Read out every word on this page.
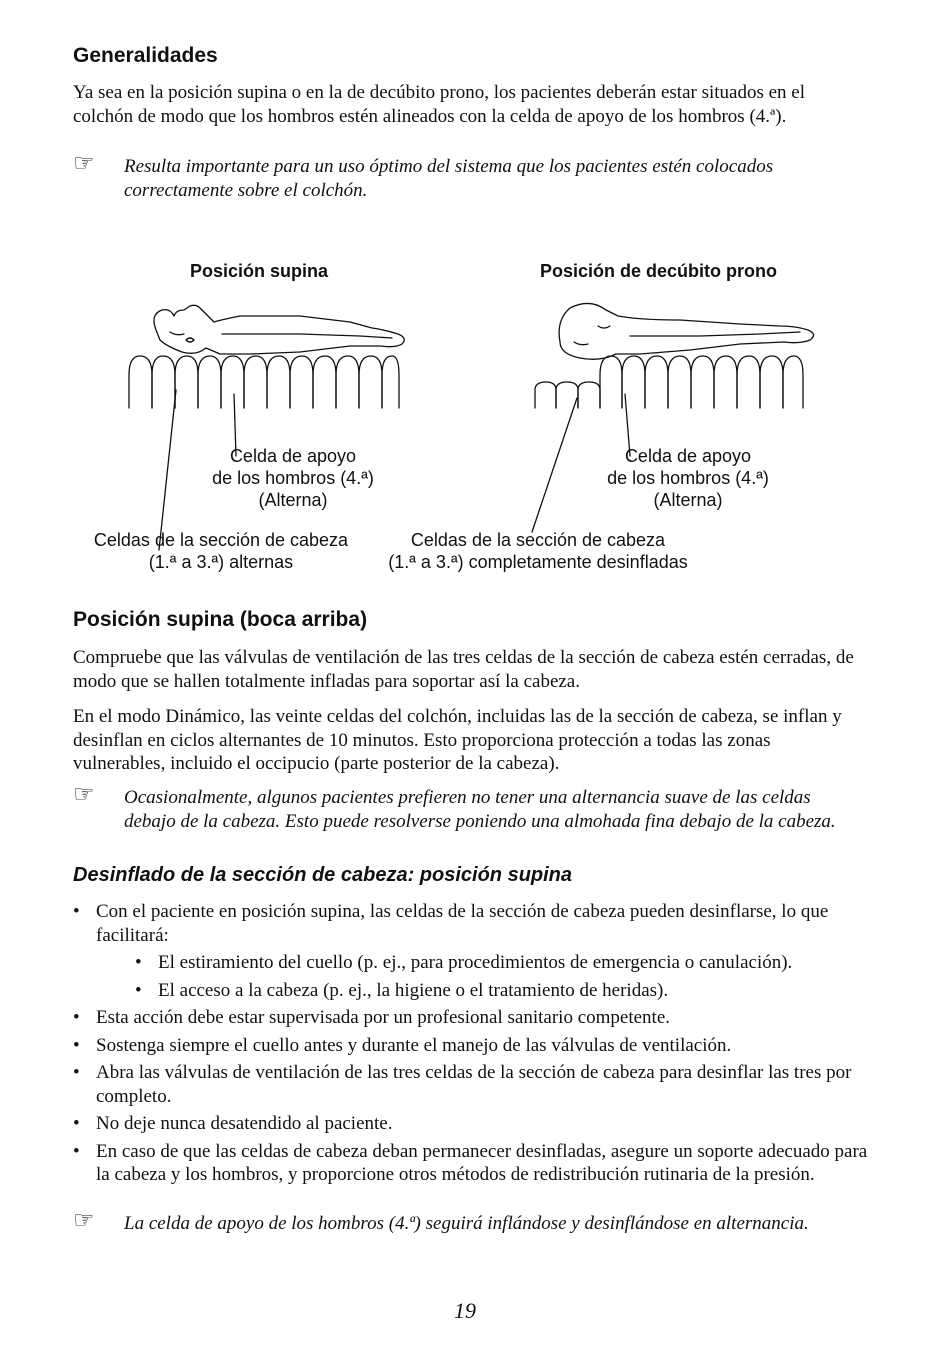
Generalidades

Ya sea en la posición supina o en la de decúbito prono, los pacientes deberán estar situados en el colchón de modo que los hombros estén alineados con la celda de apoyo de los hombros (4.ª).

☞ Resulta importante para un uso óptimo del sistema que los pacientes estén colocados correctamente sobre el colchón.
Posición supina	Posición de decúbito prono
Celda de apoyo
de los hombros (4.ª)
(Alterna)
Celda de apoyo
de los hombros (4.ª)
(Alterna)
Celdas de la sección de cabeza
(1.ª a 3.ª) alternas
Celdas de la sección de cabeza
(1.ª a 3.ª) completamente desinfladas
Posición supina (boca arriba)

Compruebe que las válvulas de ventilación de las tres celdas de la sección de cabeza estén cerradas, de modo que se hallen totalmente infladas para soportar así la cabeza.

En el modo Dinámico, las veinte celdas del colchón, incluidas las de la sección de cabeza, se inflan y desinflan en ciclos alternantes de 10 minutos. Esto proporciona protección a todas las zonas vulnerables, incluido el occipucio (parte posterior de la cabeza).

☞ Ocasionalmente, algunos pacientes prefieren no tener una alternancia suave de las celdas debajo de la cabeza. Esto puede resolverse poniendo una almohada fina debajo de la cabeza.
Desinflado de la sección de cabeza: posición supina
• Con el paciente en posición supina, las celdas de la sección de cabeza pueden desinflarse, lo que facilitará:
• El estiramiento del cuello (p. ej., para procedimientos de emergencia o canulación).
• El acceso a la cabeza (p. ej., la higiene o el tratamiento de heridas).
• Esta acción debe estar supervisada por un profesional sanitario competente.
• Sostenga siempre el cuello antes y durante el manejo de las válvulas de ventilación.
• Abra las válvulas de ventilación de las tres celdas de la sección de cabeza para desinflar las tres por completo.
• No deje nunca desatendido al paciente.
• En caso de que las celdas de cabeza deban permanecer desinfladas, asegure un soporte adecuado para la cabeza y los hombros, y proporcione otros métodos de redistribución rutinaria de la presión.
☞ La celda de apoyo de los hombros (4.ª) seguirá inflándose y desinflándose en alternancia.
19
